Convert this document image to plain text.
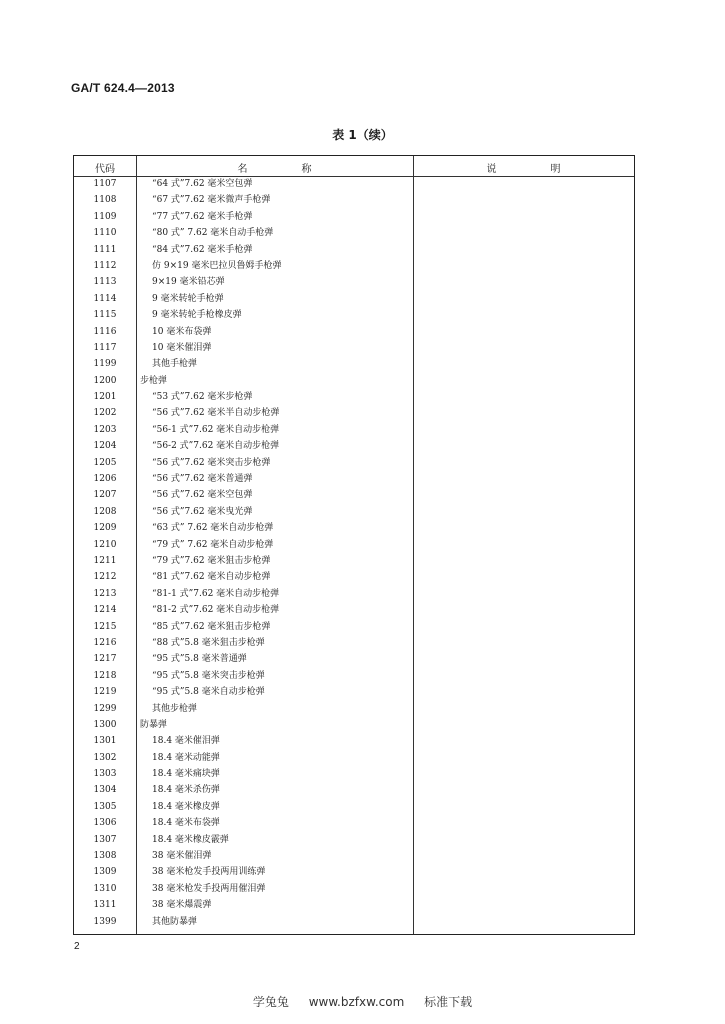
GA/T 624.4—2013
表 1（续）
代码	名　称	说　明
1107	“64 式”7.62 毫米空包弹
1108	“67 式”7.62 毫米微声手枪弹
1109	“77 式”7.62 毫米手枪弹
1110	“80 式” 7.62 毫米自动手枪弹
1111	“84 式”7.62 毫米手枪弹
1112	仿 9×19 毫米巴拉贝鲁姆手枪弹
1113	9×19 毫米铅芯弹
1114	9 毫米转轮手枪弹
1115	9 毫米转轮手枪橡皮弹
1116	10 毫米布袋弹
1117	10 毫米催泪弹
1199	其他手枪弹
1200	步枪弹
1201	“53 式”7.62 毫米步枪弹
1202	“56 式”7.62 毫米半自动步枪弹
1203	“56-1 式”7.62 毫米自动步枪弹
1204	“56-2 式”7.62 毫米自动步枪弹
1205	“56 式”7.62 毫米突击步枪弹
1206	“56 式”7.62 毫米普通弹
1207	“56 式”7.62 毫米空包弹
1208	“56 式”7.62 毫米曳光弹
1209	“63 式” 7.62 毫米自动步枪弹
1210	“79 式” 7.62 毫米自动步枪弹
1211	“79 式”7.62 毫米狙击步枪弹
1212	“81 式”7.62 毫米自动步枪弹
1213	“81-1 式”7.62 毫米自动步枪弹
1214	“81-2 式”7.62 毫米自动步枪弹
1215	“85 式”7.62 毫米狙击步枪弹
1216	“88 式”5.8 毫米狙击步枪弹
1217	“95 式”5.8 毫米普通弹
1218	“95 式”5.8 毫米突击步枪弹
1219	“95 式”5.8 毫米自动步枪弹
1299	其他步枪弹
1300	防暴弹
1301	18.4 毫米催泪弹
1302	18.4 毫米动能弹
1303	18.4 毫米痛块弹
1304	18.4 毫米杀伤弹
1305	18.4 毫米橡皮弹
1306	18.4 毫米布袋弹
1307	18.4 毫米橡皮霰弹
1308	38 毫米催泪弹
1309	38 毫米枪发手投两用训练弹
1310	38 毫米枪发手投两用催泪弹
1311	38 毫米爆震弹
1399	其他防暴弹
2
学兔兔 www.bzfxw.com 标准下载
